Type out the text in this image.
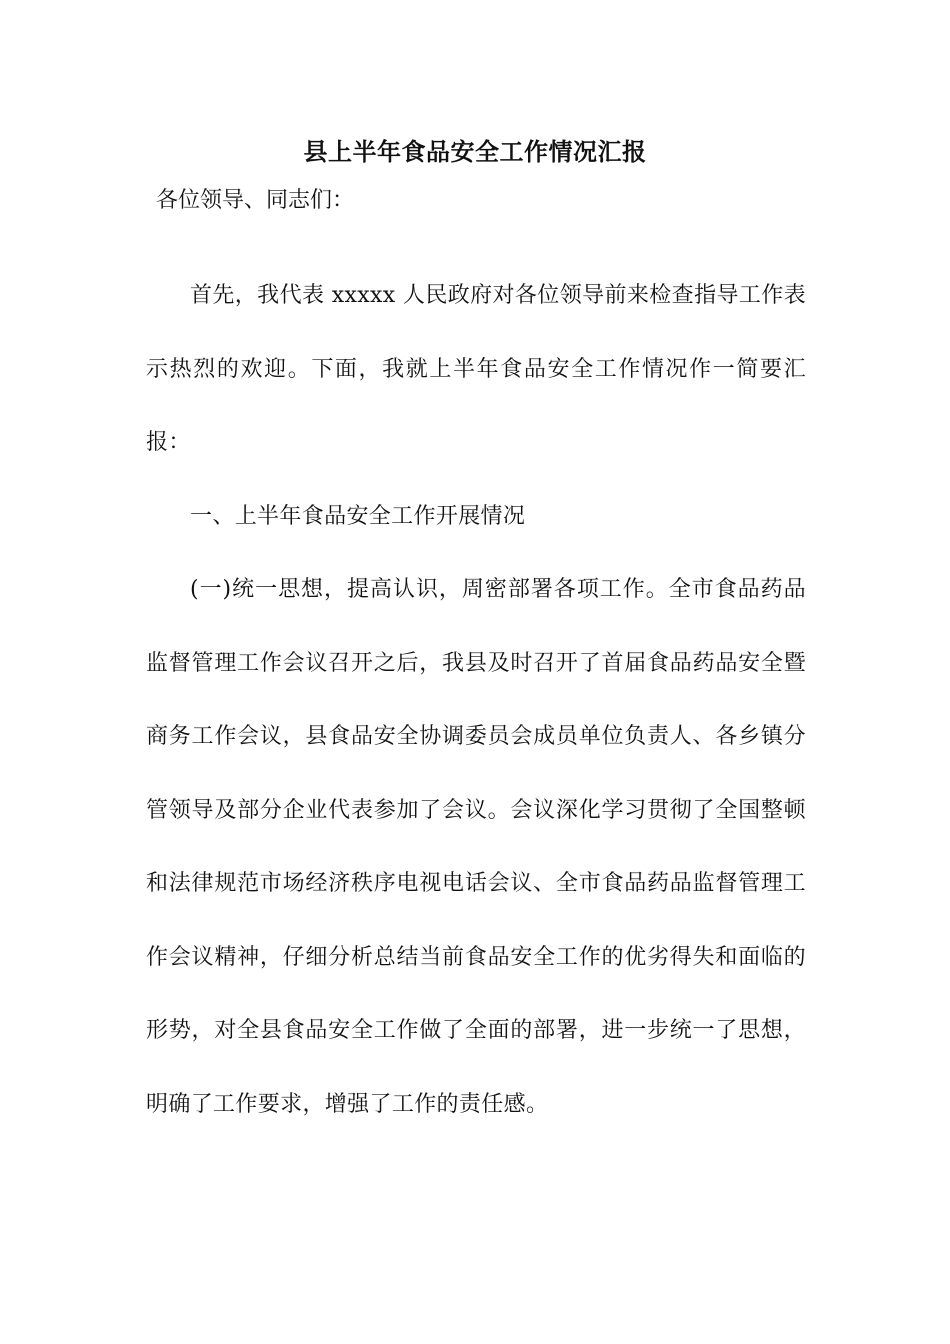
县上半年食品安全工作情况汇报

各位领导、同志们：

首先，我代表 xxxxx 人民政府对各位领导前来检查指导工作表示热烈的欢迎。下面，我就上半年食品安全工作情况作一简要汇报：

一、上半年食品安全工作开展情况

(一)统一思想，提高认识，周密部署各项工作。全市食品药品监督管理工作会议召开之后，我县及时召开了首届食品药品安全暨商务工作会议，县食品安全协调委员会成员单位负责人、各乡镇分管领导及部分企业代表参加了会议。会议深化学习贯彻了全国整顿和法律规范市场经济秩序电视电话会议、全市食品药品监督管理工作会议精神，仔细分析总结当前食品安全工作的优劣得失和面临的形势，对全县食品安全工作做了全面的部署，进一步统一了思想，明确了工作要求，增强了工作的责任感。
